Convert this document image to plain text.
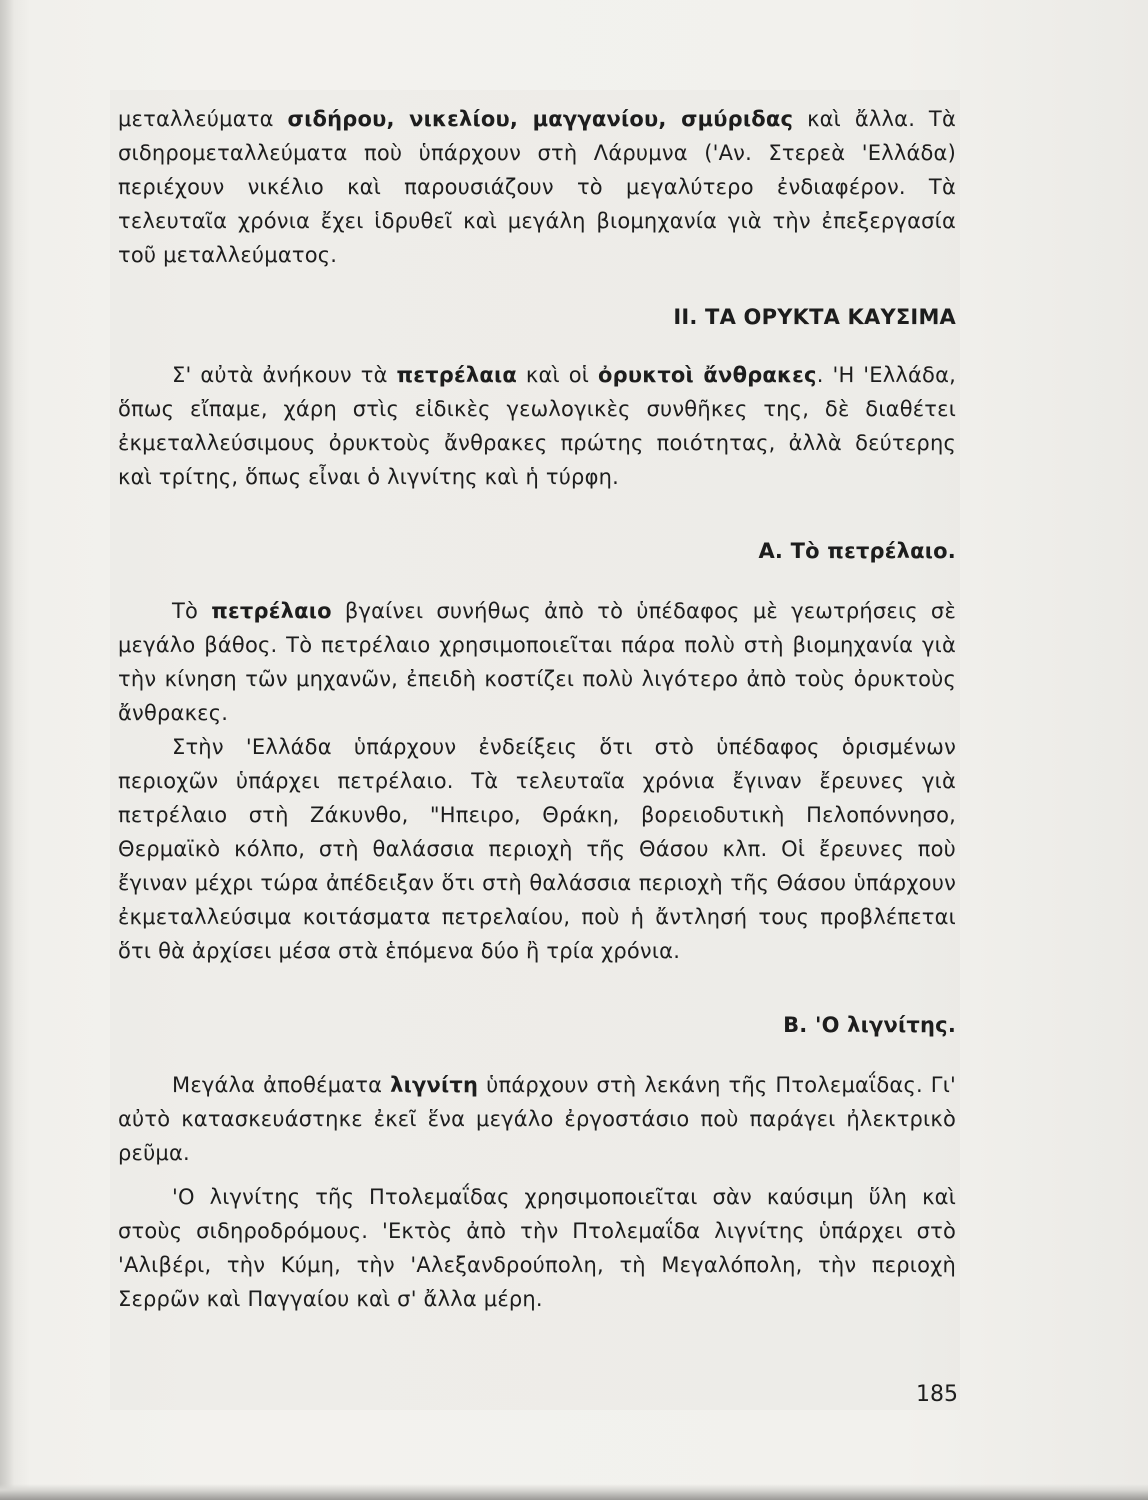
μεταλλεύματα σιδήρου, νικελίου, μαγγανίου, σμύριδας καὶ ἄλλα. Τὰ σιδηρομεταλλεύματα ποὺ ὑπάρχουν στὴ Λάρυμνα ('Αν. Στερεὰ 'Ελλάδα) περιέχουν νικέλιο καὶ παρουσιάζουν τὸ μεγαλύτερο ἐνδιαφέρον. Τὰ τελευταῖα χρόνια ἔχει ἱδρυθεῖ καὶ μεγάλη βιομηχανία γιὰ τὴν ἐπεξεργασία τοῦ μεταλλεύματος.

II. ΤΑ ΟΡΥΚΤΑ ΚΑΥΣΙΜΑ

Σ' αὐτὰ ἀνήκουν τὰ πετρέλαια καὶ οἱ ὀρυκτοὶ ἄνθρακες. 'Η 'Ελλάδα, ὅπως εἴπαμε, χάρη στὶς εἰδικὲς γεωλογικὲς συνθῆκες της, δὲ διαθέτει ἐκμεταλλεύσιμους ὀρυκτοὺς ἄνθρακες πρώτης ποιότητας, ἀλλὰ δεύτερης καὶ τρίτης, ὅπως εἶναι ὁ λιγνίτης καὶ ἡ τύρφη.

Α. Τὸ πετρέλαιο.

Τὸ πετρέλαιο βγαίνει συνήθως ἀπὸ τὸ ὑπέδαφος μὲ γεωτρήσεις σὲ μεγάλο βάθος. Τὸ πετρέλαιο χρησιμοποιεῖται πάρα πολὺ στὴ βιομηχανία γιὰ τὴν κίνηση τῶν μηχανῶν, ἐπειδὴ κοστίζει πολὺ λιγότερο ἀπὸ τοὺς ὀρυκτοὺς ἄνθρακες.

Στὴν 'Ελλάδα ὑπάρχουν ἐνδείξεις ὅτι στὸ ὑπέδαφος ὁρισμένων περιοχῶν ὑπάρχει πετρέλαιο. Τὰ τελευταῖα χρόνια ἔγιναν ἔρευνες γιὰ πετρέλαιο στὴ Ζάκυνθο, "Ηπειρο, Θράκη, βορειοδυτικὴ Πελοπόννησο, Θερμαϊκὸ κόλπο, στὴ θαλάσσια περιοχὴ τῆς Θάσου κλπ. Οἱ ἔρευνες ποὺ ἔγιναν μέχρι τώρα ἀπέδειξαν ὅτι στὴ θαλάσσια περιοχὴ τῆς Θάσου ὑπάρχουν ἐκμεταλλεύσιμα κοιτάσματα πετρελαίου, ποὺ ἡ ἄντλησή τους προβλέπεται ὅτι θὰ ἀρχίσει μέσα στὰ ἑπόμενα δύο ἢ τρία χρόνια.

Β. 'Ο λιγνίτης.

Μεγάλα ἀποθέματα λιγνίτη ὑπάρχουν στὴ λεκάνη τῆς Πτολεμαΐδας. Γι' αὐτὸ κατασκευάστηκε ἐκεῖ ἕνα μεγάλο ἐργοστάσιο ποὺ παράγει ἠλεκτρικὸ ρεῦμα.

'Ο λιγνίτης τῆς Πτολεμαΐδας χρησιμοποιεῖται σὰν καύσιμη ὕλη καὶ στοὺς σιδηροδρόμους. 'Εκτὸς ἀπὸ τὴν Πτολεμαΐδα λιγνίτης ὑπάρχει στὸ 'Αλιβέρι, τὴν Κύμη, τὴν 'Αλεξανδρούπολη, τὴ Μεγαλόπολη, τὴν περιοχὴ Σερρῶν καὶ Παγγαίου καὶ σ' ἄλλα μέρη.

185
